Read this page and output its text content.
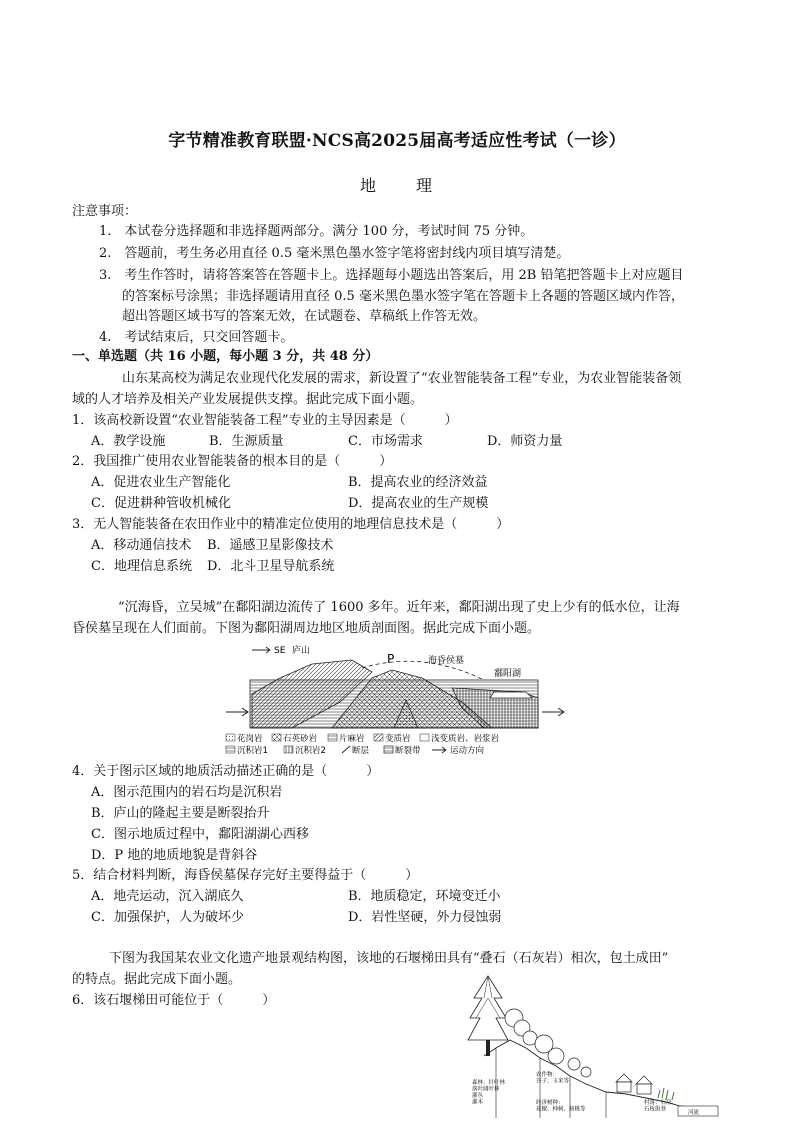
字节精准教育联盟·NCS高2025届高考适应性考试（一诊）
地 理
注意事项：
1.　本试卷分选择题和非选择题两部分。满分 100 分，考试时间 75 分钟。
2.　答题前，考生务必用直径 0.5 毫米黑色墨水签字笔将密封线内项目填写清楚。
3.　考生作答时，请将答案答在答题卡上。选择题每小题选出答案后，用 2B 铅笔把答题卡上对应题目
的答案标号涂黑；非选择题请用直径 0.5 毫米黑色墨水签字笔在答题卡上各题的答题区域内作答，
超出答题区域书写的答案无效，在试题卷、草稿纸上作答无效。
4.　考试结束后，只交回答题卡。
一、单选题（共 16 小题，每小题 3 分，共 48 分）
山东某高校为满足农业现代化发展的需求，新设置了“农业智能装备工程”专业，为农业智能装备领
域的人才培养及相关产业发展提供支撑。据此完成下面小题。
1．该高校新设置“农业智能装备工程”专业的主导因素是（　　　）
A．教学设施	B．生源质量	C．市场需求	D．师资力量
2．我国推广使用农业智能装备的根本目的是（　　　）
A．促进农业生产智能化	B．提高农业的经济效益
C．促进耕种管收机械化	D．提高农业的生产规模
3．无人智能装备在农田作业中的精准定位使用的地理信息技术是（　　　）
A．移动通信技术 B．遥感卫星影像技术
C．地理信息系统 D．北斗卫星导航系统
“沉海昏，立吴城”在鄱阳湖边流传了 1600 多年。近年来，鄱阳湖出现了史上少有的低水位，让海
昏侯墓呈现在人们面前。下图为鄱阳湖周边地区地质剖面图。据此完成下面小题。
SE 庐山
P	海昏侯墓
鄱阳湖
花岗岩 石英砂岩	片麻岩 变质岩 浅变质岩、岩浆岩
沉积岩1	沉积岩2	断层	断裂带	运动方向
4．关于图示区域的地质活动描述正确的是（　　　）
A．图示范围内的岩石均是沉积岩
B．庐山的隆起主要是断裂抬升
C．图示地质过程中，鄱阳湖湖心西移
D．P 地的地质地貌是背斜谷
5．结合材料判断，海昏侯墓保存完好主要得益于（　　　）
A．地壳运动，沉入湖底久	B．地质稳定，环境变迁小
C．加强保护，人为破坏少	D．岩性坚硬，外力侵蚀弱
下图为我国某农业文化遗产地景观结构图，该地的石堰梯田具有“叠石（石灰岩）相次，包土成田”
的特点。据此完成下面小题。
6．该石堰梯田可能位于（　　　）
森林：针叶林落叶阔叶林灌丛灌木
农作物：谷子、玉米等
经济树种：花椒、柿树、核桃等
村落：石房、石板街巷
河流
